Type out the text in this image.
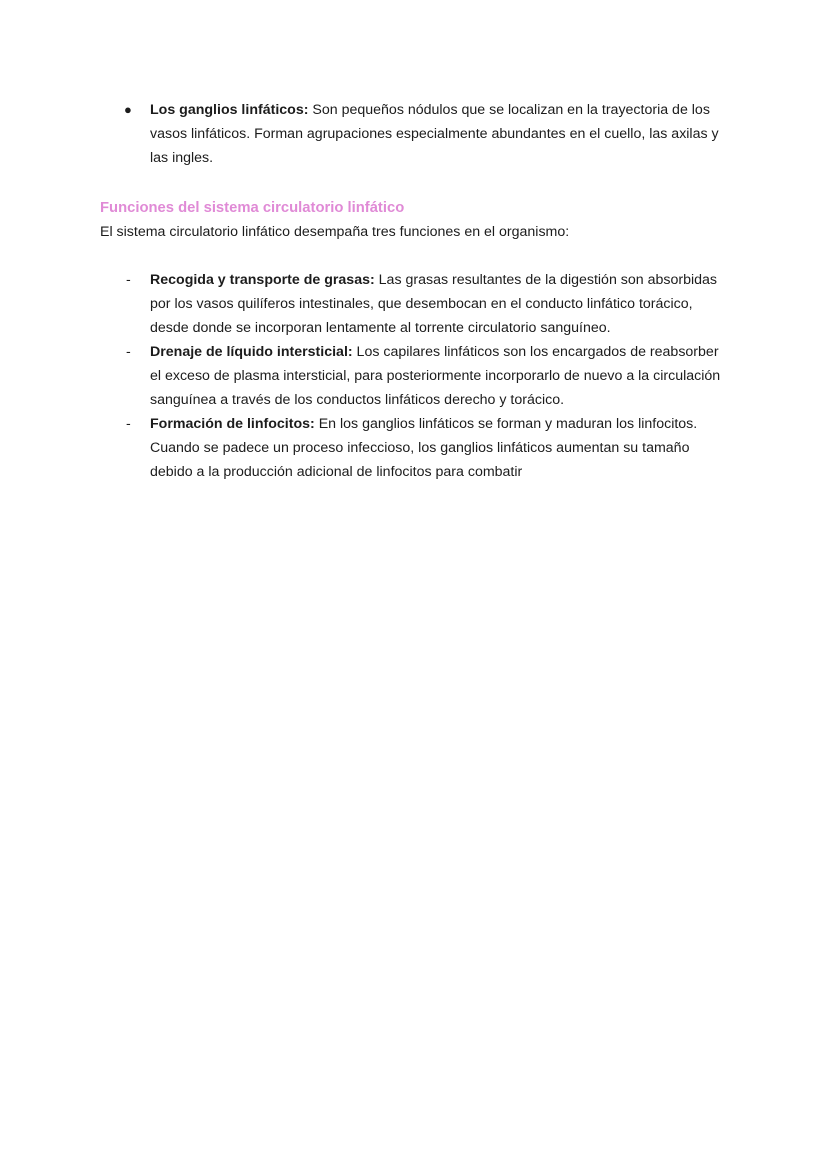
●	Los ganglios linfáticos: Son pequeños nódulos que se localizan en la trayectoria de los vasos linfáticos. Forman agrupaciones especialmente abundantes en el cuello, las axilas y las ingles.
Funciones del sistema circulatorio linfático

El sistema circulatorio linfático desempaña tres funciones en el organismo:

-	Recogida y transporte de grasas: Las grasas resultantes de la digestión son absorbidas por los vasos quilíferos intestinales, que desembocan en el conducto linfático torácico, desde donde se incorporan lentamente al torrente circulatorio sanguíneo.
-	Drenaje de líquido intersticial: Los capilares linfáticos son los encargados de reabsorber el exceso de plasma intersticial, para posteriormente incorporarlo de nuevo a la circulación sanguínea a través de los conductos linfáticos derecho y torácico.
-	Formación de linfocitos: En los ganglios linfáticos se forman y maduran los linfocitos. Cuando se padece un proceso infeccioso, los ganglios linfáticos aumentan su tamaño debido a la producción adicional de linfocitos para combatir
